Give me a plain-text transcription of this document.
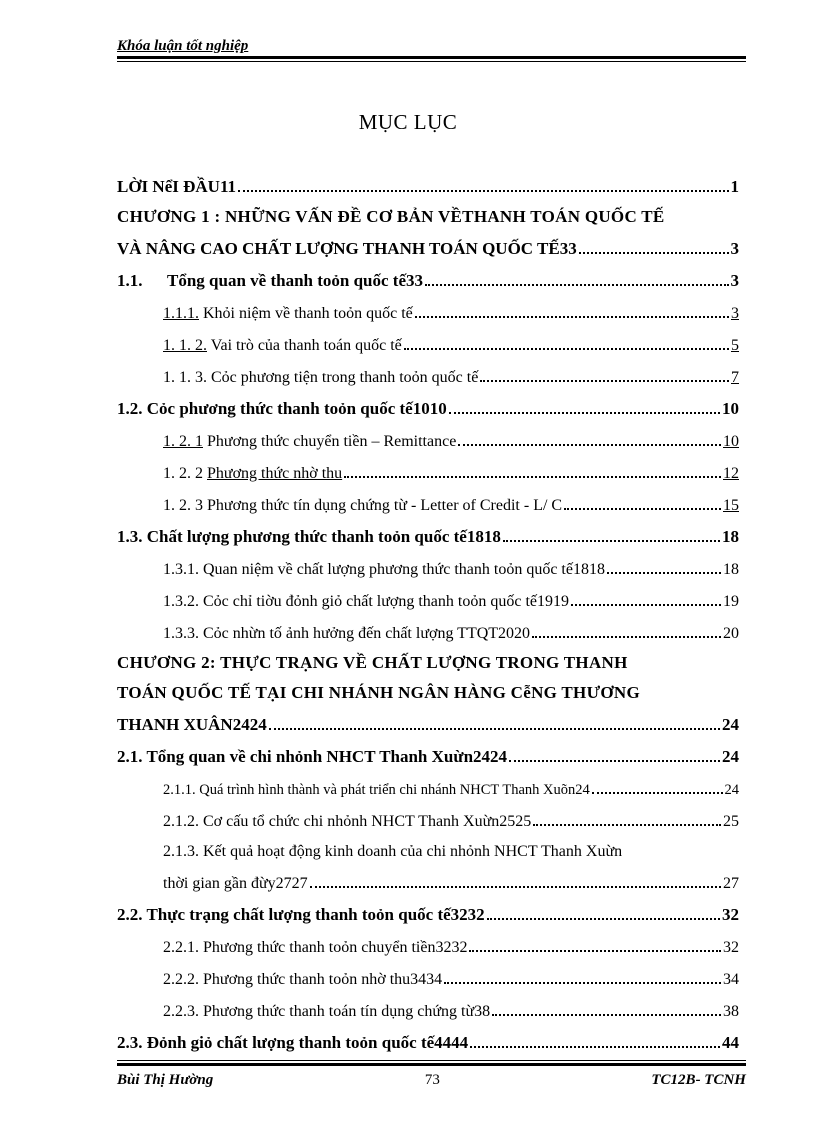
Khóa luận tốt nghiệp
MỤC LỤC
LỜI NểI ĐẦU11	1
CHƯƠNG 1 : NHỮNG VẤN ĐỀ CƠ BẢN VỀTHANH TOÁN QUỐC TẾ
VÀ NÂNG CAO CHẤT LƯỢNG THANH TOÁN QUỐC TẾ33	3
1.1. Tổng quan về thanh toỏn quốc tế33	3
1.1.1. Khỏi niệm về thanh toỏn quốc tế	3
1. 1. 2. Vai trò của thanh toán quốc tế	5
1. 1. 3. Cỏc phương tiện trong thanh toỏn quốc tế	7
1.2. Cỏc phương thức thanh toỏn quốc tế1010	10
1. 2. 1 Phương thức chuyển tiền – Remittance	10
1. 2. 2 Phương thức nhờ thu	12
1. 2. 3 Phương thức tín dụng chứng từ - Letter of Credit - L/ C	15
1.3. Chất lượng phương thức thanh toỏn quốc tế1818	18
1.3.1. Quan niệm về chất lượng phương thức thanh toỏn quốc tế1818	18
1.3.2. Cỏc chỉ tiờu đỏnh giỏ chất lượng thanh toỏn quốc tế1919	19
1.3.3. Cỏc nhừn tố ảnh hưởng đến chất lượng TTQT2020	20
CHƯƠNG 2: THỰC TRẠNG VỀ CHẤT LƯỢNG TRONG THANH
TOÁN QUỐC TẾ TẠI CHI NHÁNH NGÂN HÀNG CễNG THƯƠNG
THANH XUÂN2424	24
2.1. Tổng quan về chi nhỏnh NHCT Thanh Xuừn2424	24
2.1.1. Quá trình hình thành và phát triển chi nhánh NHCT Thanh Xuõn24	24
2.1.2. Cơ cấu tổ chức chi nhỏnh NHCT Thanh Xuừn2525	25
2.1.3. Kết quả hoạt động kinh doanh của chi nhỏnh NHCT Thanh Xuừn
thời gian gần đừy2727	27
2.2. Thực trạng chất lượng thanh toỏn quốc tế3232	32
2.2.1. Phương thức thanh toỏn chuyển tiền3232	32
2.2.2. Phương thức thanh toỏn nhờ thu3434	34
2.2.3. Phương thức thanh toán tín dụng chứng từ38	38
2.3. Đỏnh giỏ chất lượng thanh toỏn quốc tế4444	44
Bùi Thị Hường	73	TC12B- TCNH
